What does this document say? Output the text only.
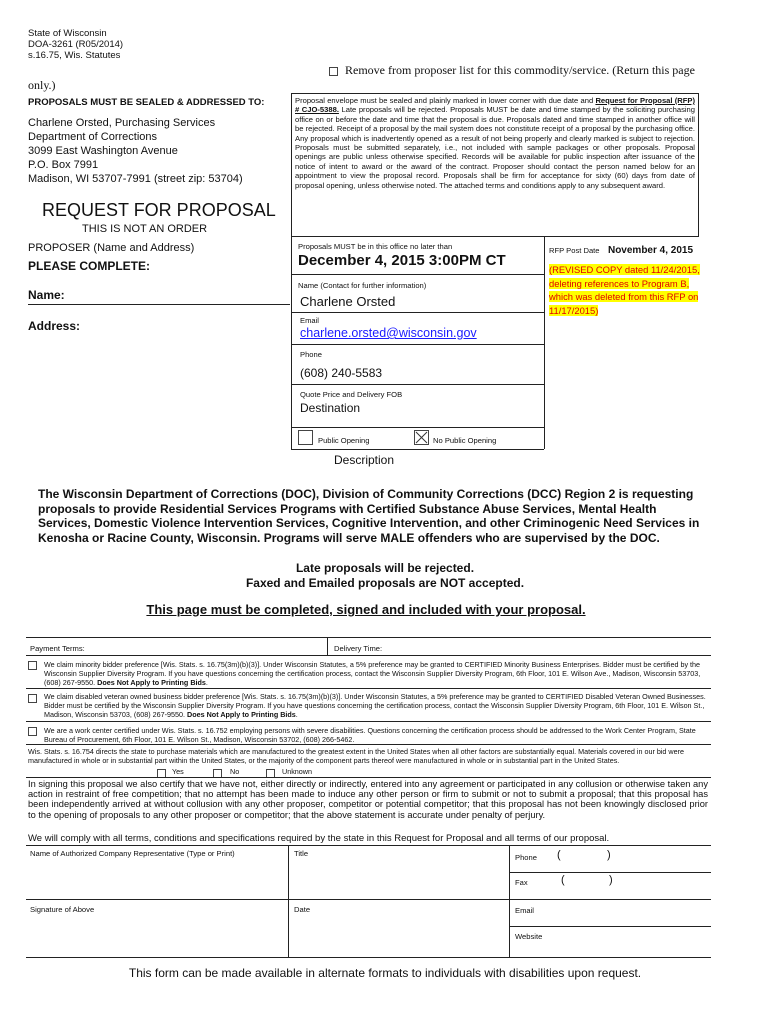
State of Wisconsin
DOA-3261 (R05/2014)
s.16.75, Wis. Statutes
Remove from proposer list for this commodity/service. (Return this page
only.)
PROPOSALS MUST BE SEALED & ADDRESSED TO:
Charlene Orsted, Purchasing Services
Department of Corrections
3099 East Washington Avenue
P.O. Box 7991
Madison, WI 53707-7991 (street zip: 53704)
REQUEST FOR PROPOSAL
THIS IS NOT AN ORDER
PROPOSER (Name and Address)
PLEASE COMPLETE:
Name:
Address:
Proposal envelope must be sealed and plainly marked in lower corner with due date and Request for Proposal (RFP) # CJO-5388. Late proposals will be rejected. Proposals MUST be date and time stamped by the soliciting purchasing office on or before the date and time that the proposal is due. Proposals dated and time stamped in another office will be rejected. Receipt of a proposal by the mail system does not constitute receipt of a proposal by the purchasing office. Any proposal which is inadvertently opened as a result of not being properly and clearly marked is subject to rejection. Proposals must be submitted separately, i.e., not included with sample packages or other proposals. Proposal openings are public unless otherwise specified. Records will be available for public inspection after issuance of the notice of intent to award or the award of the contract. Proposer should contact the person named below for an appointment to view the proposal record. Proposals shall be firm for acceptance for sixty (60) days from date of proposal opening, unless otherwise noted. The attached terms and conditions apply to any subsequent award.
Proposals MUST be in this office no later than
December 4, 2015 3:00PM CT
RFP Post Date November 4, 2015
(REVISED COPY dated 11/24/2015, deleting references to Program B, which was deleted from this RFP on 11/17/2015)
Name (Contact for further information)
Charlene Orsted
Email
charlene.orsted@wisconsin.gov
Phone
(608) 240-5583
Quote Price and Delivery FOB
Destination
Public Opening	No Public Opening
Description
The Wisconsin Department of Corrections (DOC), Division of Community Corrections (DCC) Region 2 is requesting proposals to provide Residential Services Programs with Certified Substance Abuse Services, Mental Health Services, Domestic Violence Intervention Services, Cognitive Intervention, and other Criminogenic Need Services in Kenosha or Racine County, Wisconsin. Programs will serve MALE offenders who are supervised by the DOC.
Late proposals will be rejected.
Faxed and Emailed proposals are NOT accepted.
This page must be completed, signed and included with your proposal.
Payment Terms:	Delivery Time:
We claim minority bidder preference [Wis. Stats. s. 16.75(3m)(b)(3)]. Under Wisconsin Statutes, a 5% preference may be granted to CERTIFIED Minority Business Enterprises. Bidder must be certified by the Wisconsin Supplier Diversity Program. If you have questions concerning the certification process, contact the Wisconsin Supplier Diversity Program, 6th Floor, 101 E. Wilson Ave., Madison, Wisconsin 53703, (608) 267-9550. Does Not Apply to Printing Bids.
We claim disabled veteran owned business bidder preference [Wis. Stats. s. 16.75(3m)(b)(3)]. Under Wisconsin Statutes, a 5% preference may be granted to CERTIFIED Disabled Veteran Owned Businesses. Bidder must be certified by the Wisconsin Supplier Diversity Program. If you have questions concerning the certification process, contact the Wisconsin Supplier Diversity Program, 6th Floor, 101 E. Wilson St., Madison, Wisconsin 53703, (608) 267-9550. Does Not Apply to Printing Bids.
We are a work center certified under Wis. Stats. s. 16.752 employing persons with severe disabilities. Questions concerning the certification process should be addressed to the Work Center Program, State Bureau of Procurement, 6th Floor, 101 E. Wilson St., Madison, Wisconsin 53702, (608) 266-5462.
Wis. Stats. s. 16.754 directs the state to purchase materials which are manufactured to the greatest extent in the United States when all other factors are substantially equal. Materials covered in our bid were manufactured in whole or in substantial part within the United States, or the majority of the component parts thereof were manufactured in whole or in substantial part in the United States.
Yes	No	Unknown
In signing this proposal we also certify that we have not, either directly or indirectly, entered into any agreement or participated in any collusion or otherwise taken any action in restraint of free competition; that no attempt has been made to induce any other person or firm to submit or not to submit a proposal; that this proposal has been independently arrived at without collusion with any other proposer, competitor or potential competitor; that this proposal has not been knowingly disclosed prior to the opening of proposals to any other proposer or competitor; that the above statement is accurate under penalty of perjury.
We will comply with all terms, conditions and specifications required by the state in this Request for Proposal and all terms of our proposal.
Name of Authorized Company Representative (Type or Print)	Title	Phone (	)
Fax	(	)
Signature of Above	Date	Email
Website
This form can be made available in alternate formats to individuals with disabilities upon request.
